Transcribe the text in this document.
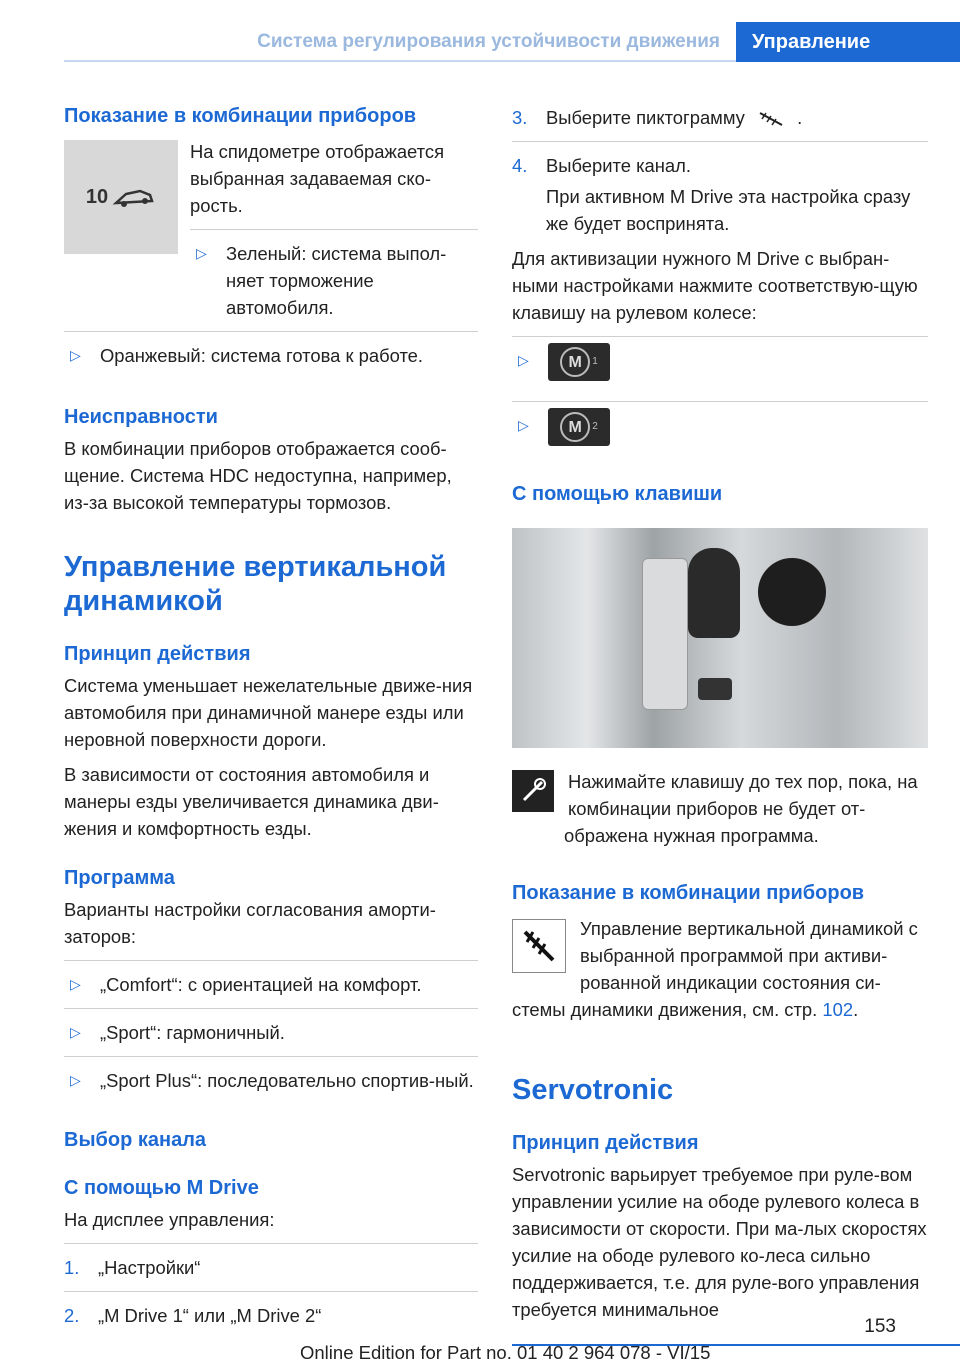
Система регулирования устойчивости движения	Управление
Показание в комбинации приборов
10

На спидометре отображается выбранная задаваемая ско-рость.

▷ Зеленый: система выпол-няет торможение автомобиля.
▷ Оранжевый: система готова к работе.
Неисправности

В комбинации приборов отображается сооб-щение. Система HDC недоступна, например, из-за высокой температуры тормозов.

Управление вертикальной динамикой
Принцип действия

Система уменьшает нежелательные движе-ния автомобиля при динамичной манере езды или неровной поверхности дороги.

В зависимости от состояния автомобиля и манеры езды увеличивается динамика дви-жения и комфортность езды.

Программа

Варианты настройки согласования аморти-заторов:

▷ „Comfort“: с ориентацией на комфорт.
▷ „Sport“: гармоничный.
▷ „Sport Plus“: последовательно спортив-ный.
Выбор канала
С помощью M Drive

На дисплее управления:

1. „Настройки“
2. „M Drive 1“ или „M Drive 2“
3. Выберите пиктограмму	.
4. Выберите канал.

При активном M Drive эта настройка сразу же будет воспринята.

Для активизации нужного M Drive с выбран-ными настройками нажмите соответствую-щую клавишу на рулевом колесе:

▷	M	1
▷	M	2
С помощью клавиши

Нажимайте клавишу до тех пор, пока, на комбинации приборов не будет от-ображена нужная программа.

Показание в комбинации приборов

Управление вертикальной динамикой с выбранной программой при активи-рованной индикации состояния си-стемы динамики движения, см. стр. 102.

Servotronic
Принцип действия

Servotronic варьирует требуемое при руле-вом управлении усилие на ободе рулевого колеса в зависимости от скорости. При ма-лых скоростях усилие на ободе рулевого ко-леса сильно поддерживается, т.е. для руле-вого управления требуется минимальное

153
Online Edition for Part no. 01 40 2 964 078 - VI/15
